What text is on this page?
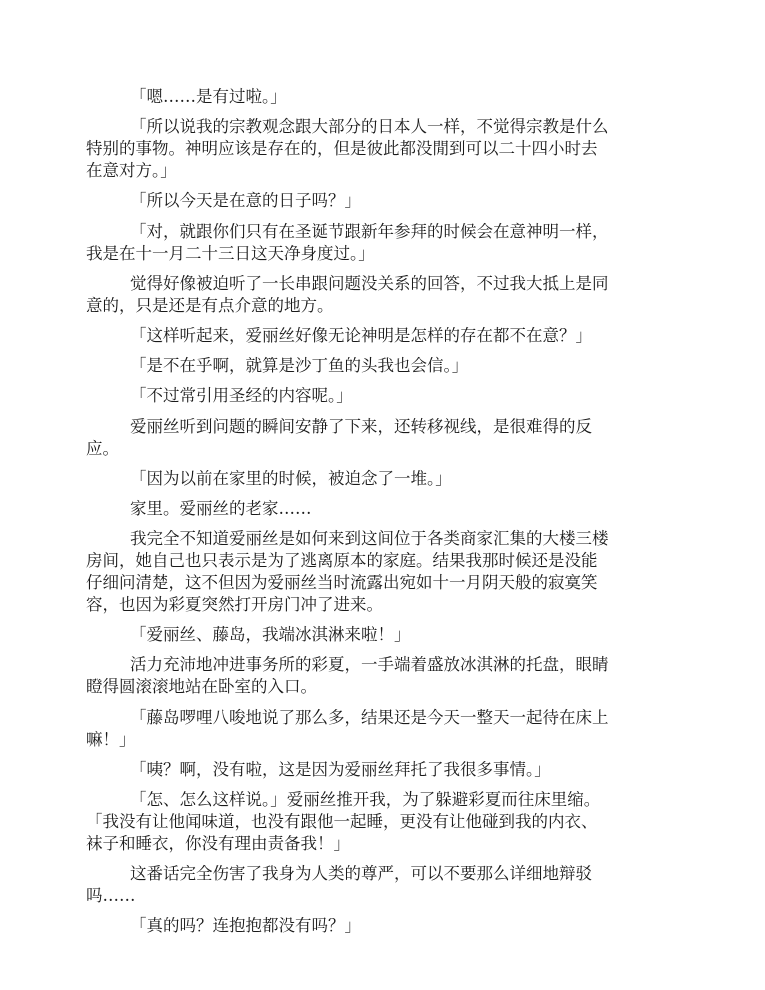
「嗯……是有过啦。」

「所以说我的宗教观念跟大部分的日本人一样，不觉得宗教是什么
特别的事物。神明应该是存在的，但是彼此都没閒到可以二十四小时去
在意对方。」

「所以今天是在意的日子吗？」

「对，就跟你们只有在圣诞节跟新年参拜的时候会在意神明一样，
我是在十一月二十三日这天净身度过。」

觉得好像被迫听了一长串跟问题没关系的回答，不过我大抵上是同
意的，只是还是有点介意的地方。

「这样听起来，爱丽丝好像无论神明是怎样的存在都不在意？」

「是不在乎啊，就算是沙丁鱼的头我也会信。」

「不过常引用圣经的内容呢。」

爱丽丝听到问题的瞬间安静了下来，还转移视线，是很难得的反
应。

「因为以前在家里的时候，被迫念了一堆。」

家里。爱丽丝的老家……

我完全不知道爱丽丝是如何来到这间位于各类商家汇集的大楼三楼
房间，她自己也只表示是为了逃离原本的家庭。结果我那时候还是没能
仔细问清楚，这不但因为爱丽丝当时流露出宛如十一月阴天般的寂寞笑
容，也因为彩夏突然打开房门冲了进来。

「爱丽丝、藤岛，我端冰淇淋来啦！」

活力充沛地冲进事务所的彩夏，一手端着盛放冰淇淋的托盘，眼睛
瞪得圆滚滚地站在卧室的入口。

「藤岛啰哩八唆地说了那么多，结果还是今天一整天一起待在床上
嘛！」

「咦？啊，没有啦，这是因为爱丽丝拜托了我很多事情。」

「怎、怎么这样说。」爱丽丝推开我，为了躲避彩夏而往床里缩。
「我没有让他闻味道，也没有跟他一起睡，更没有让他碰到我的内衣、
袜子和睡衣，你没有理由责备我！」

这番话完全伤害了我身为人类的尊严，可以不要那么详细地辩驳
吗……

「真的吗？连抱抱都没有吗？」
